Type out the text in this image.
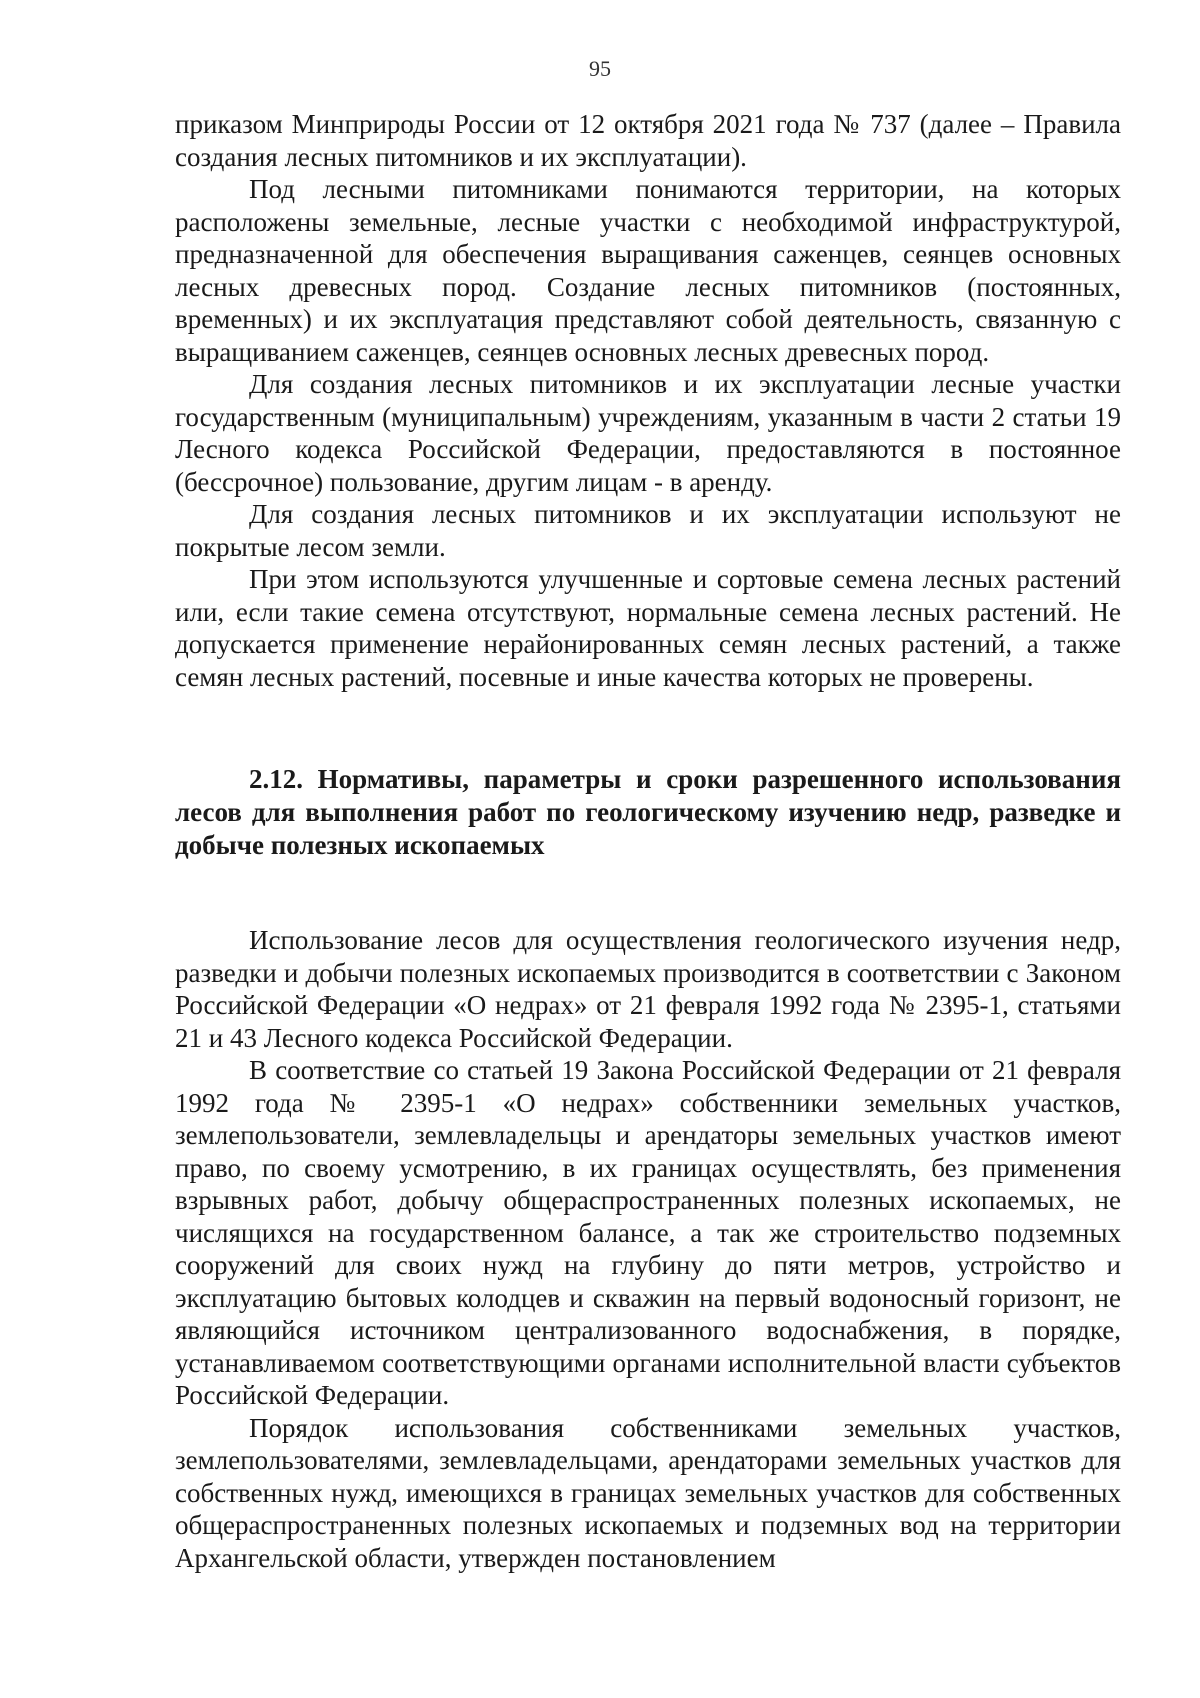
95

приказом Минприроды России от 12 октября 2021 года № 737 (далее – Правила создания лесных питомников и их эксплуатации).

Под лесными питомниками понимаются территории, на которых расположены земельные, лесные участки с необходимой инфраструктурой, предназначенной для обеспечения выращивания саженцев, сеянцев основных лесных древесных пород. Создание лесных питомников (постоянных, временных) и их эксплуатация представляют собой деятельность, связанную с выращиванием саженцев, сеянцев основных лесных древесных пород.

Для создания лесных питомников и их эксплуатации лесные участки государственным (муниципальным) учреждениям, указанным в части 2 статьи 19 Лесного кодекса Российской Федерации, предоставляются в постоянное (бессрочное) пользование, другим лицам - в аренду.

Для создания лесных питомников и их эксплуатации используют не покрытые лесом земли.

При этом используются улучшенные и сортовые семена лесных растений или, если такие семена отсутствуют, нормальные семена лесных растений. Не допускается применение нерайонированных семян лесных растений, а также семян лесных растений, посевные и иные качества которых не проверены.

2.12. Нормативы, параметры и сроки разрешенного использования лесов для выполнения работ по геологическому изучению недр, разведке и добыче полезных ископаемых

Использование лесов для осуществления геологического изучения недр, разведки и добычи полезных ископаемых производится в соответствии с Законом Российской Федерации «О недрах» от 21 февраля 1992 года № 2395-1, статьями 21 и 43 Лесного кодекса Российской Федерации.

В соответствие со статьей 19 Закона Российской Федерации от 21 февраля 1992 года № 2395-1 «О недрах» собственники земельных участков, землепользователи, землевладельцы и арендаторы земельных участков имеют право, по своему усмотрению, в их границах осуществлять, без применения взрывных работ, добычу общераспространенных полезных ископаемых, не числящихся на государственном балансе, а так же строительство подземных сооружений для своих нужд на глубину до пяти метров, устройство и эксплуатацию бытовых колодцев и скважин на первый водоносный горизонт, не являющийся источником централизованного водоснабжения, в порядке, устанавливаемом соответствующими органами исполнительной власти субъектов Российской Федерации.

Порядок использования собственниками земельных участков, землепользователями, землевладельцами, арендаторами земельных участков для собственных нужд, имеющихся в границах земельных участков для собственных общераспространенных полезных ископаемых и подземных вод на территории Архангельской области, утвержден постановлением
